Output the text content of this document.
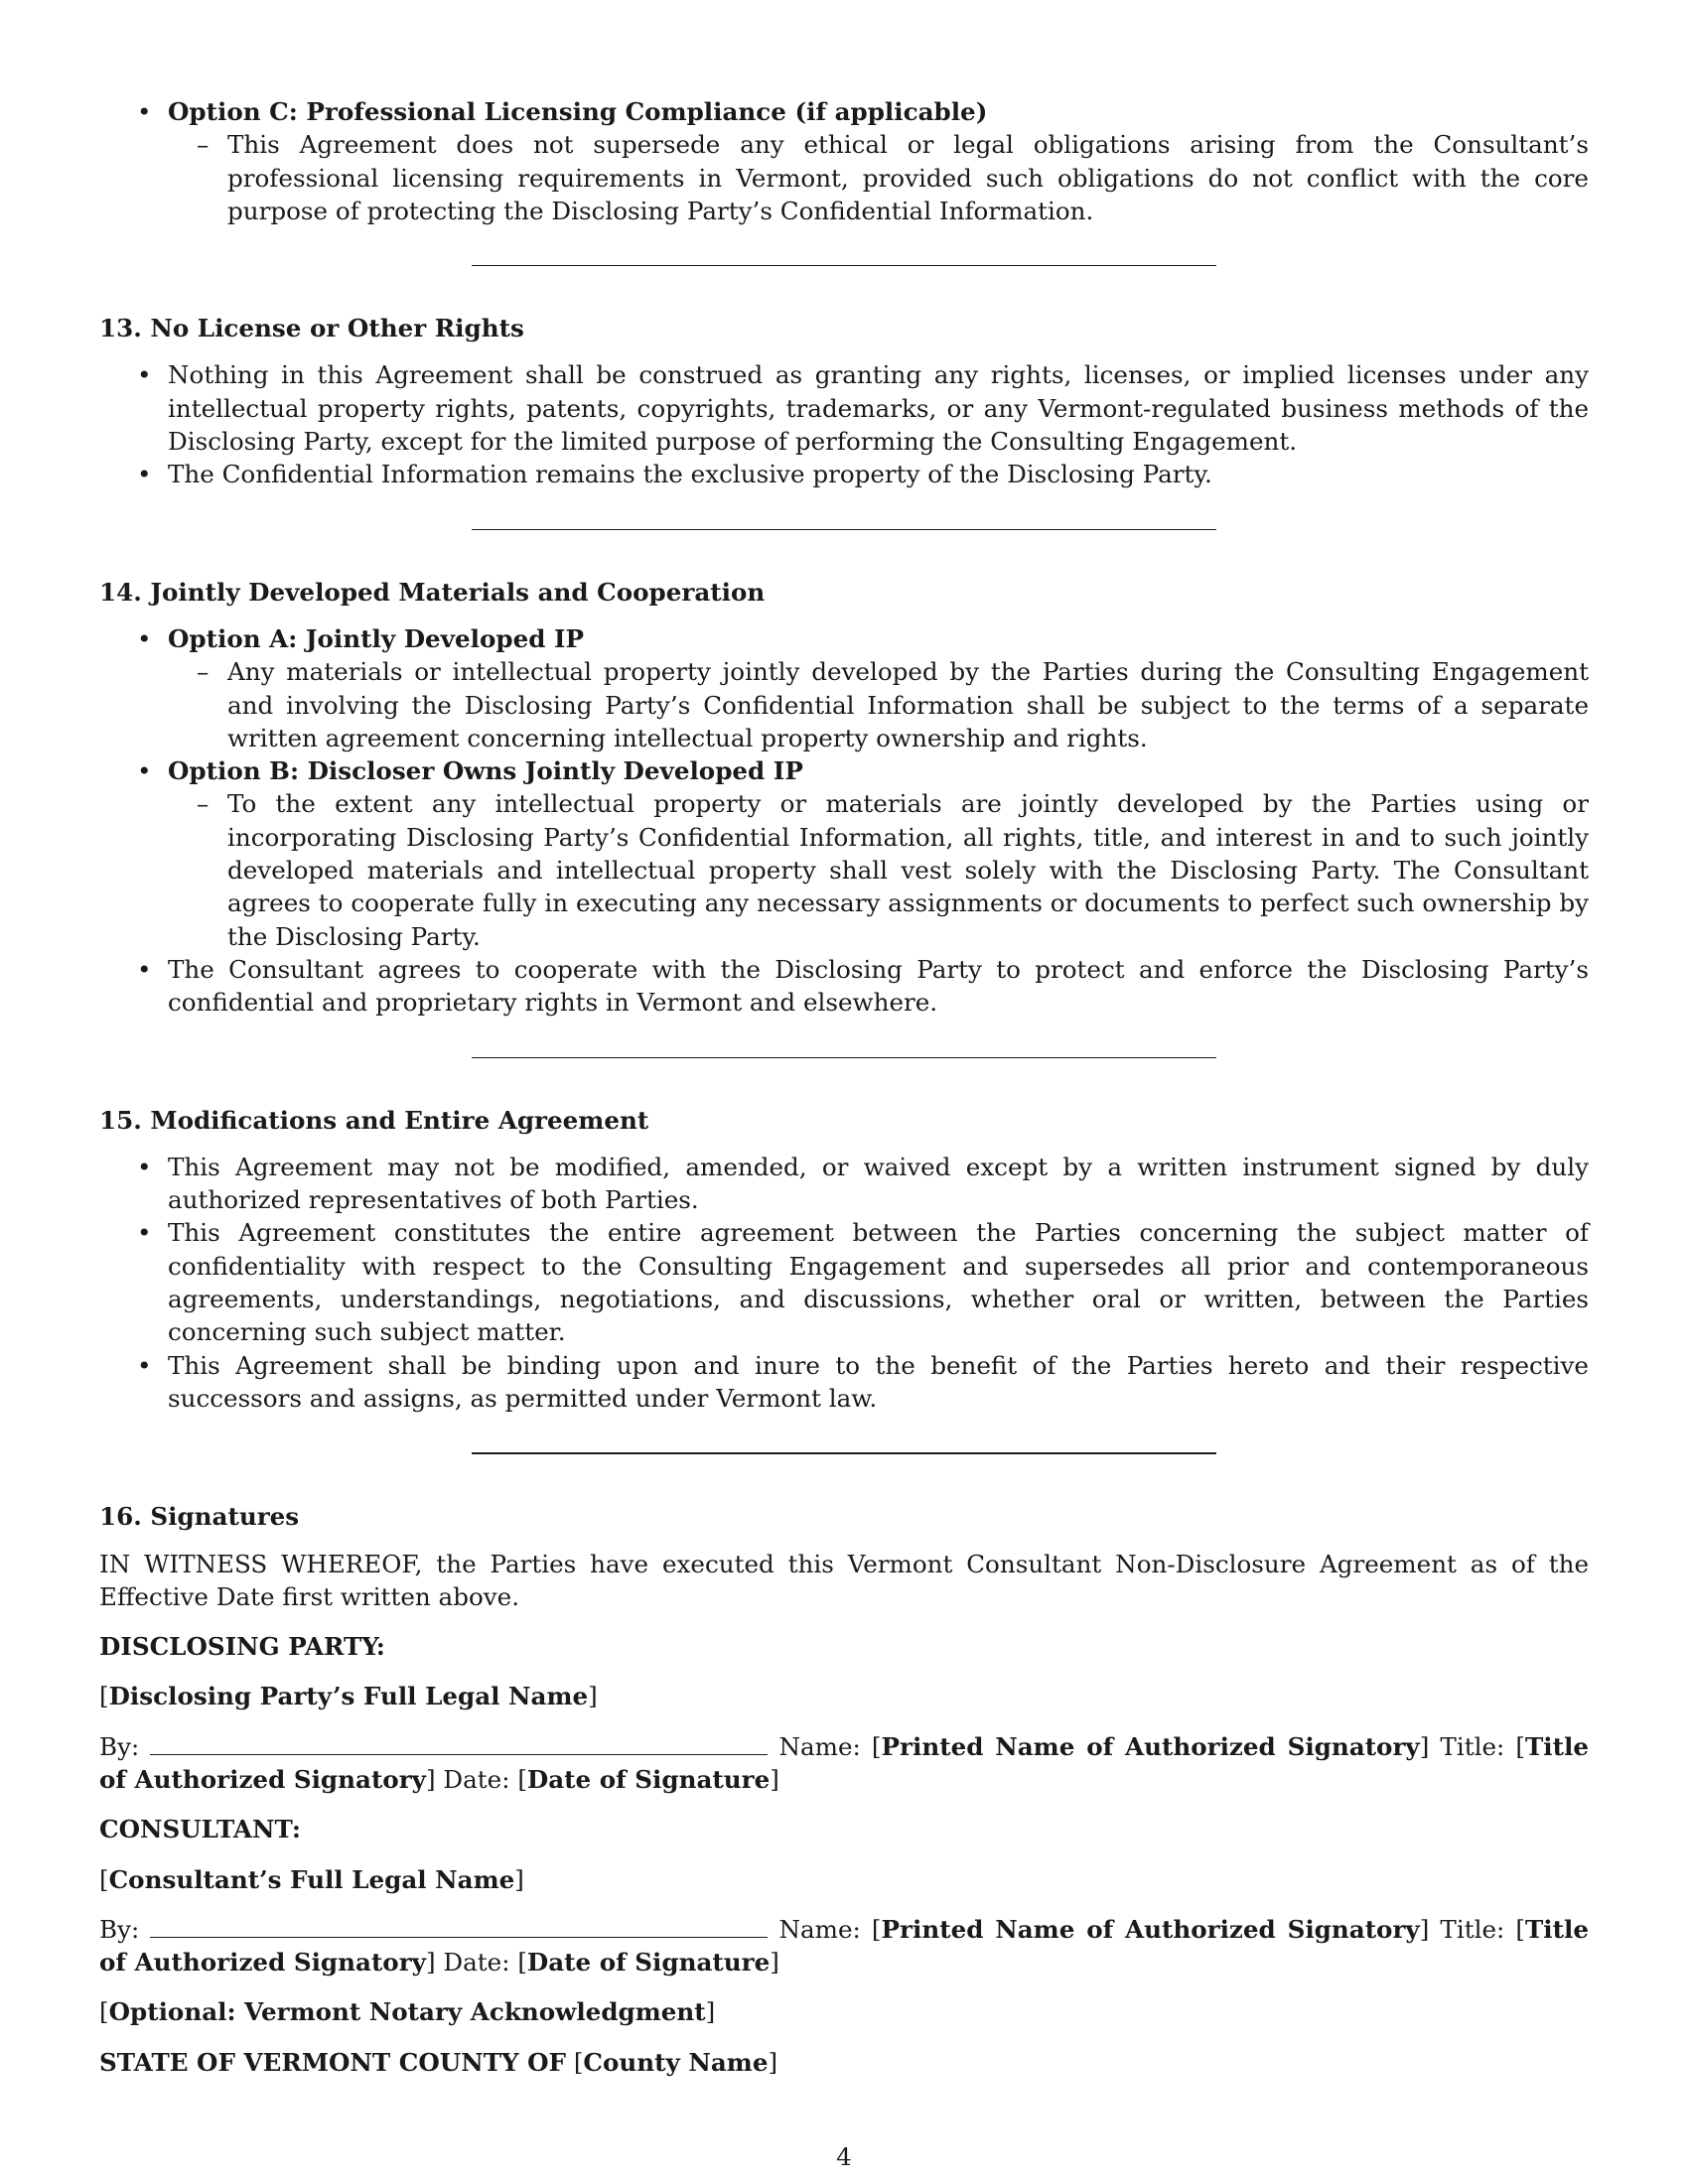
• Option C: Professional Licensing Compliance (if applicable)
– This Agreement does not supersede any ethical or legal obligations arising from the Consultant’s professional licensing requirements in Vermont, provided such obligations do not conflict with the core purpose of protecting the Disclosing Party’s Confidential Information.
13. No License or Other Rights
• Nothing in this Agreement shall be construed as granting any rights, licenses, or implied licenses under any intellectual property rights, patents, copyrights, trademarks, or any Vermont-regulated business methods of the Disclosing Party, except for the limited purpose of performing the Consulting Engagement.
• The Confidential Information remains the exclusive property of the Disclosing Party.
14. Jointly Developed Materials and Cooperation
• Option A: Jointly Developed IP
– Any materials or intellectual property jointly developed by the Parties during the Consulting Engagement and involving the Disclosing Party’s Confidential Information shall be subject to the terms of a separate written agreement concerning intellectual property ownership and rights.
• Option B: Discloser Owns Jointly Developed IP
– To the extent any intellectual property or materials are jointly developed by the Parties using or incorporating Disclosing Party’s Confidential Information, all rights, title, and interest in and to such jointly developed materials and intellectual property shall vest solely with the Disclosing Party. The Consultant agrees to cooperate fully in executing any necessary assignments or documents to perfect such ownership by the Disclosing Party.
• The Consultant agrees to cooperate with the Disclosing Party to protect and enforce the Disclosing Party’s confidential and proprietary rights in Vermont and elsewhere.
15. Modifications and Entire Agreement
• This Agreement may not be modified, amended, or waived except by a written instrument signed by duly authorized representatives of both Parties.
• This Agreement constitutes the entire agreement between the Parties concerning the subject matter of confidentiality with respect to the Consulting Engagement and supersedes all prior and contemporaneous agreements, understandings, negotiations, and discussions, whether oral or written, between the Parties concerning such subject matter.
• This Agreement shall be binding upon and inure to the benefit of the Parties hereto and their respective successors and assigns, as permitted under Vermont law.
16. Signatures

IN WITNESS WHEREOF, the Parties have executed this Vermont Consultant Non-Disclosure Agreement as of the Effective Date first written above.

DISCLOSING PARTY:

[Disclosing Party’s Full Legal Name]

By:	Name: [Printed Name of Authorized Signatory] Title: [Title of Authorized Signatory] Date: [Date of Signature]

CONSULTANT:

[Consultant’s Full Legal Name]

By:	Name: [Printed Name of Authorized Signatory] Title: [Title of Authorized Signatory] Date: [Date of Signature]

[Optional: Vermont Notary Acknowledgment]

STATE OF VERMONT COUNTY OF [County Name]

4
